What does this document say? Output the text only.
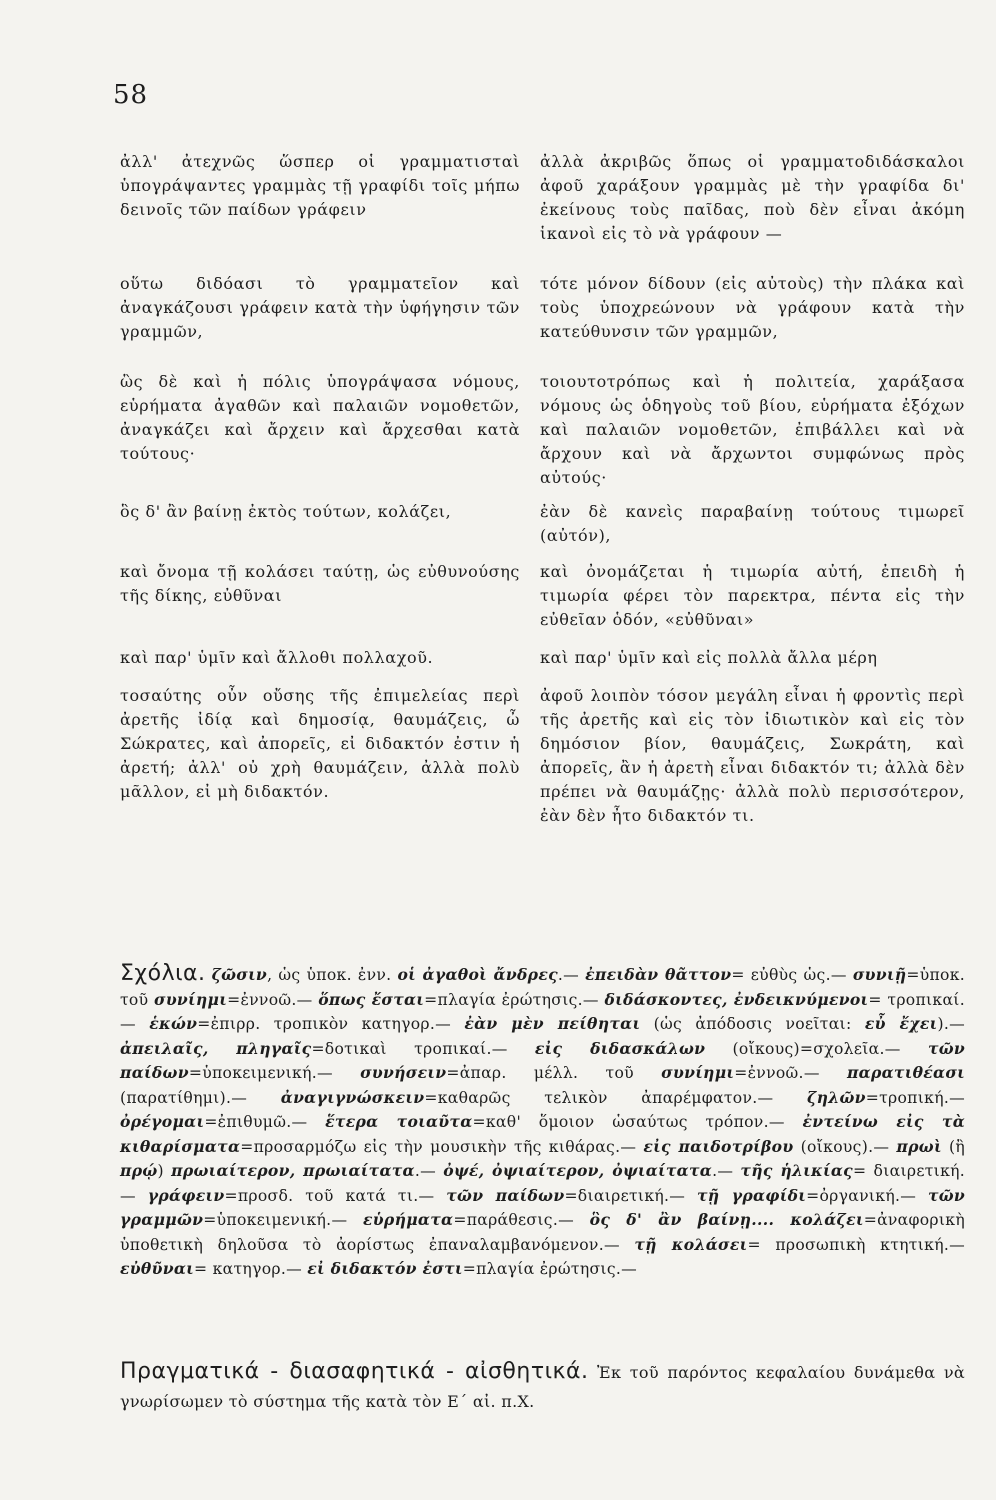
58
ἀλλ' ἀτεχνῶς ὥσπερ οἱ γραμματισταὶ ὑπογράψαντες γραμμὰς τῇ γραφίδι τοῖς μήπω δεινοῖς τῶν παίδων γράφειν
ἀλλὰ ἀκριβῶς ὅπως οἱ γραμματοδιδάσκαλοι ἀφοῦ χαράξουν γραμμὰς μὲ τὴν γραφίδα δι' ἐκείνους τοὺς παῖδας, ποὺ δὲν εἶναι ἀκόμη ἱκανοὶ εἰς τὸ νὰ γράφουν —
οὕτω διδόασι τὸ γραμματεῖον καὶ ἀναγκάζουσι γράφειν κατὰ τὴν ὑφήγησιν τῶν γραμμῶν,
τότε μόνον δίδουν (εἰς αὐτοὺς) τὴν πλάκα καὶ τοὺς ὑποχρεώνουν νὰ γράφουν κατὰ τὴν κατεύθυνσιν τῶν γραμμῶν,
ὣς δὲ καὶ ἡ πόλις ὑπογράψασα νόμους, εὑρήματα ἀγαθῶν καὶ παλαιῶν νομοθετῶν, ἀναγκάζει καὶ ἄρχειν καὶ ἄρχεσθαι κατὰ τούτους·
τοιουτοτρόπως καὶ ἡ πολιτεία, χαράξασα νόμους ὡς ὁδηγοὺς τοῦ βίου, εὑρήματα ἐξόχων καὶ παλαιῶν νομοθετῶν, ἐπιβάλλει καὶ νὰ ἄρχουν καὶ νὰ ἄρχωντοι συμφώνως πρὸς αὐτούς·
ὃς δ' ἂν βαίνῃ ἐκτὸς τούτων, κολάζει,	ἐὰν δὲ κανεὶς παραβαίνῃ τούτους τιμωρεῖ (αὐτόν),
καὶ ὄνομα τῇ κολάσει ταύτῃ, ὡς εὐθυνούσης τῆς δίκης, εὐθῦναι
καὶ ὀνομάζεται ἡ τιμωρία αὐτή, ἐπειδὴ ἡ τιμωρία φέρει τὸν παρεκτρα, πέντα εἰς τὴν εὐθεῖαν ὁδόν, «εὐθῦναι»
καὶ παρ' ὑμῖν καὶ ἄλλοθι πολλαχοῦ.	καὶ παρ' ὑμῖν καὶ εἰς πολλὰ ἄλλα μέρη
τοσαύτης οὖν οὔσης τῆς ἐπιμελείας περὶ ἀρετῆς ἰδίᾳ καὶ δημοσίᾳ, θαυμάζεις, ὦ Σώκρατες, καὶ ἀπορεῖς, εἰ διδακτόν ἐστιν ἡ ἀρετή; ἀλλ' οὐ χρὴ θαυμάζειν, ἀλλὰ πολὺ μᾶλλον, εἰ μὴ διδακτόν.
ἀφοῦ λοιπὸν τόσον μεγάλη εἶναι ἡ φροντὶς περὶ τῆς ἀρετῆς καὶ εἰς τὸν ἰδιωτικὸν καὶ εἰς τὸν δημόσιον βίον, θαυμάζεις, Σωκράτη, καὶ ἀπορεῖς, ἂν ἡ ἀρετὴ εἶναι διδακτόν τι; ἀλλὰ δὲν πρέπει νὰ θαυμάζῃς· ἀλλὰ πολὺ περισσότερον, ἐὰν δὲν ἦτο διδακτόν τι.
Σχόλια. ζῶσιν, ὡς ὑποκ. ἐνν. οἱ ἀγαθοὶ ἄνδρες.— ἐπειδὰν θᾶττον= εὐθὺς ὡς.— συνιῇ=ὑποκ. τοῦ συνίημι=ἐννοῶ.— ὅπως ἔσται=πλαγία ἐρώτησις.— διδάσκοντες, ἐνδεικνύμενοι= τροπικαί.— ἑκών=ἐπιρρ. τροπικὸν κατηγορ.— ἐὰν μὲν πείθηται (ὡς ἀπόδοσις νοεῖται: εὖ ἔχει).— ἀπειλαῖς, πληγαῖς=δοτικαὶ τροπικαί.— εἰς διδασκάλων (οἴκους)=σχολεῖα.— τῶν παίδων=ὑποκειμενική.— συνήσειν=ἀπαρ. μέλλ. τοῦ συνίημι=ἐννοῶ.— παρατιθέασι (παρατίθημι).— ἀναγιγνώσκειν=καθαρῶς τελικὸν ἀπαρέμφατον.— ζηλῶν=τροπική.— ὀρέγομαι=ἐπιθυμῶ.— ἕτερα τοιαῦτα=καθ' ὅμοιον ὡσαύτως τρόπον.— ἐντείνω εἰς τὰ κιθαρίσματα=προσαρμόζω εἰς τὴν μουσικὴν τῆς κιθάρας.— εἰς παιδοτρίβου (οἴκους).— πρωὶ (ἢ πρῴ) πρωιαίτερον, πρωιαίτατα.— ὀψέ, ὀψιαίτερον, ὀψιαίτατα.— τῆς ἡλικίας= διαιρετική.— γράφειν=προσδ. τοῦ κατά τι.— τῶν παίδων=διαιρετική.— τῇ γραφίδι=ὀργανική.— τῶν γραμμῶν=ὑποκειμενική.— εὑρήματα=παράθεσις.— ὃς δ' ἂν βαίνῃ.... κολάζει=ἀναφορικὴ ὑποθετικὴ δηλοῦσα τὸ ἀορίστως ἐπαναλαμβανόμενον.— τῇ κολάσει= προσωπικὴ κτητική.— εὐθῦναι= κατηγορ.— εἰ διδακτόν ἐστι=πλαγία ἐρώτησις.—
Πραγματικά - διασαφητικά - αἰσθητικά. Ἐκ τοῦ παρόντος κεφαλαίου δυνάμεθα νὰ γνωρίσωμεν τὸ σύστημα τῆς κατὰ τὸν Ε΄ αἰ. π.Χ.
